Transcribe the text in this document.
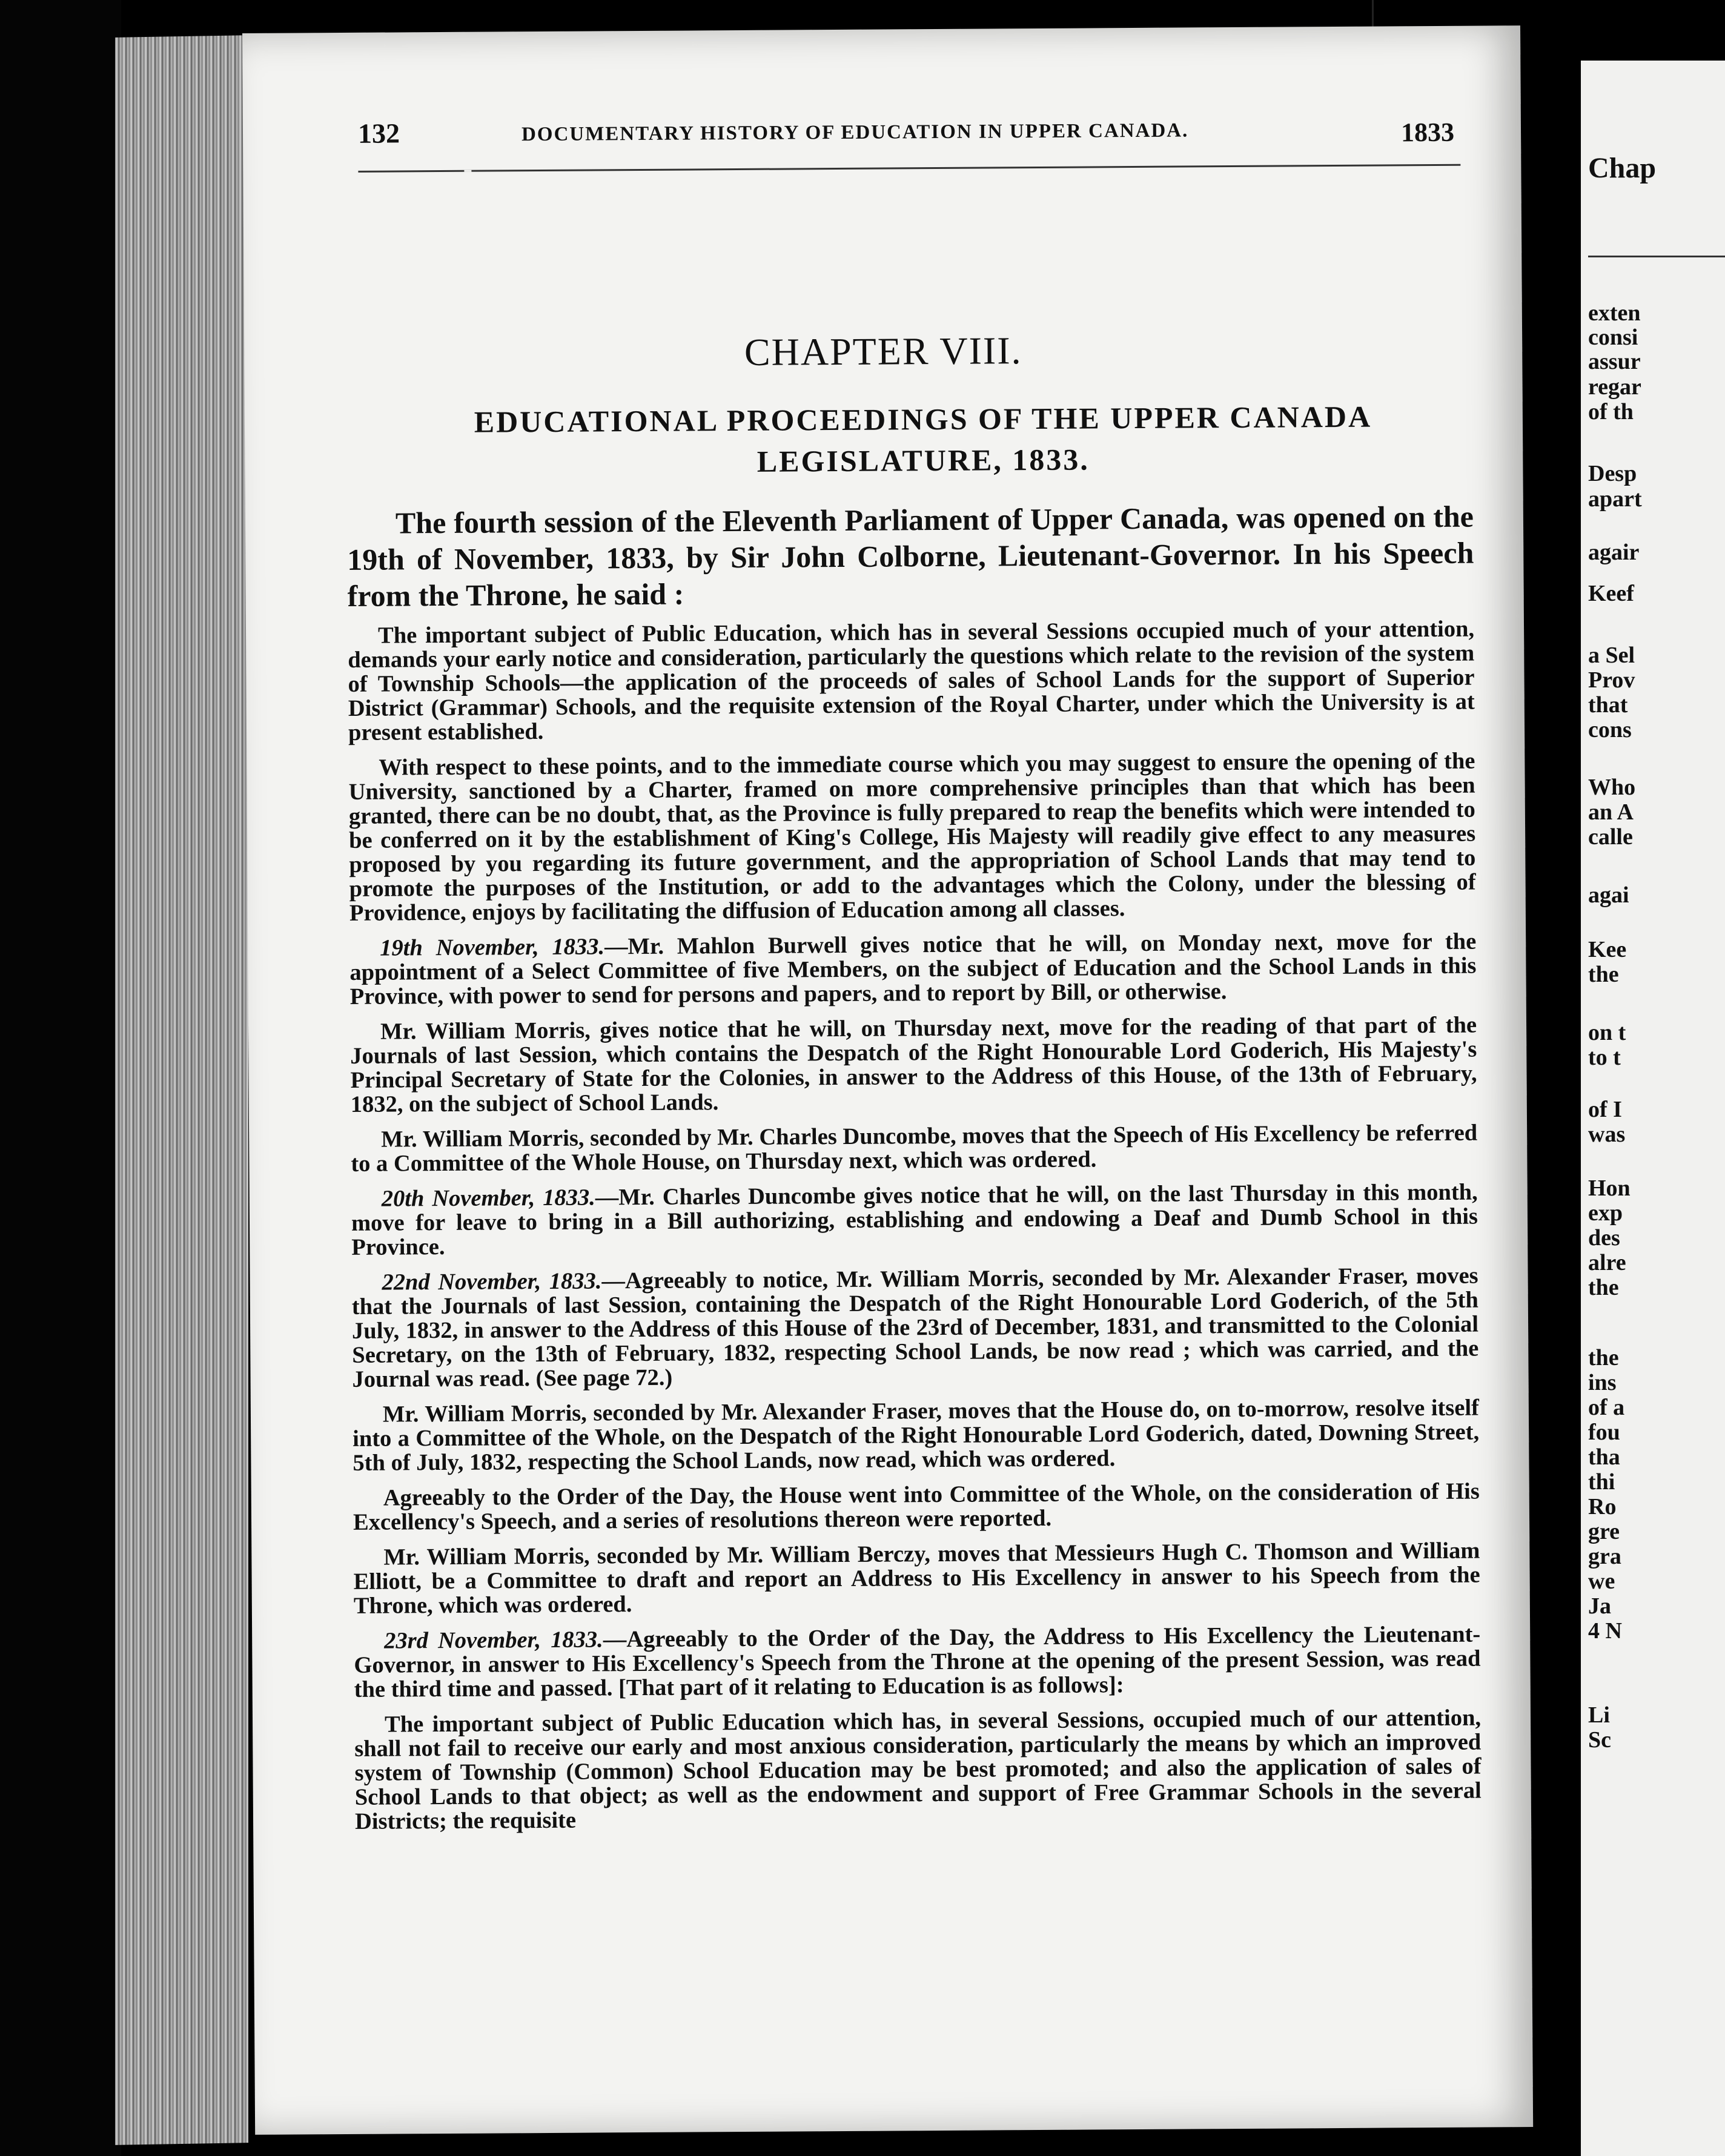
132	DOCUMENTARY HISTORY OF EDUCATION IN UPPER CANADA.	1833
CHAPTER VIII.
EDUCATIONAL PROCEEDINGS OF THE UPPER CANADA LEGISLATURE, 1833.

The fourth session of the Eleventh Parliament of Upper Canada, was opened on the 19th of November, 1833, by Sir John Colborne, Lieutenant-Governor. In his Speech from the Throne, he said :

The important subject of Public Education, which has in several Sessions occupied much of your attention, demands your early notice and consideration, particularly the questions which relate to the revision of the system of Township Schools—the application of the proceeds of sales of School Lands for the support of Superior District (Grammar) Schools, and the requisite extension of the Royal Charter, under which the University is at present established.

With respect to these points, and to the immediate course which you may suggest to ensure the opening of the University, sanctioned by a Charter, framed on more comprehensive principles than that which has been granted, there can be no doubt, that, as the Province is fully prepared to reap the benefits which were intended to be conferred on it by the establishment of King's College, His Majesty will readily give effect to any measures proposed by you regarding its future government, and the appropriation of School Lands that may tend to promote the purposes of the Institution, or add to the advantages which the Colony, under the blessing of Providence, enjoys by facilitating the diffusion of Education among all classes.

19th November, 1833.—Mr. Mahlon Burwell gives notice that he will, on Monday next, move for the appointment of a Select Committee of five Members, on the subject of Education and the School Lands in this Province, with power to send for persons and papers, and to report by Bill, or otherwise.

Mr. William Morris, gives notice that he will, on Thursday next, move for the reading of that part of the Journals of last Session, which contains the Despatch of the Right Honourable Lord Goderich, His Majesty's Principal Secretary of State for the Colonies, in answer to the Address of this House, of the 13th of February, 1832, on the subject of School Lands.

Mr. William Morris, seconded by Mr. Charles Duncombe, moves that the Speech of His Excellency be referred to a Committee of the Whole House, on Thursday next, which was ordered.

20th November, 1833.—Mr. Charles Duncombe gives notice that he will, on the last Thursday in this month, move for leave to bring in a Bill authorizing, establishing and endowing a Deaf and Dumb School in this Province.

22nd November, 1833.—Agreeably to notice, Mr. William Morris, seconded by Mr. Alexander Fraser, moves that the Journals of last Session, containing the Despatch of the Right Honourable Lord Goderich, of the 5th July, 1832, in answer to the Address of this House of the 23rd of December, 1831, and transmitted to the Colonial Secretary, on the 13th of February, 1832, respecting School Lands, be now read ; which was carried, and the Journal was read. (See page 72.)

Mr. William Morris, seconded by Mr. Alexander Fraser, moves that the House do, on to-morrow, resolve itself into a Committee of the Whole, on the Despatch of the Right Honourable Lord Goderich, dated, Downing Street, 5th of July, 1832, respecting the School Lands, now read, which was ordered.

Agreeably to the Order of the Day, the House went into Committee of the Whole, on the consideration of His Excellency's Speech, and a series of resolutions thereon were reported.

Mr. William Morris, seconded by Mr. William Berczy, moves that Messieurs Hugh C. Thomson and William Elliott, be a Committee to draft and report an Address to His Excellency in answer to his Speech from the Throne, which was ordered.

23rd November, 1833.—Agreeably to the Order of the Day, the Address to His Excellency the Lieutenant-Governor, in answer to His Excellency's Speech from the Throne at the opening of the present Session, was read the third time and passed. [That part of it relating to Education is as follows]:

The important subject of Public Education which has, in several Sessions, occupied much of our attention, shall not fail to receive our early and most anxious consideration, particularly the means by which an improved system of Township (Common) School Education may be best promoted; and also the application of sales of School Lands to that object; as well as the endowment and support of Free Grammar Schools in the several Districts; the requisite

Chap
exten
consi
assur
regar
of th
Desp
apart
agair
Keef
a Sel
Prov
that
cons
Who
an A
calle
agai
Kee
the
on t
to t
of I
was
Hon
exp
des
alre
the
the
ins
of a
fou
tha
thi
Ro
gre
gra
we
Ja
4 N
Li
Sc
